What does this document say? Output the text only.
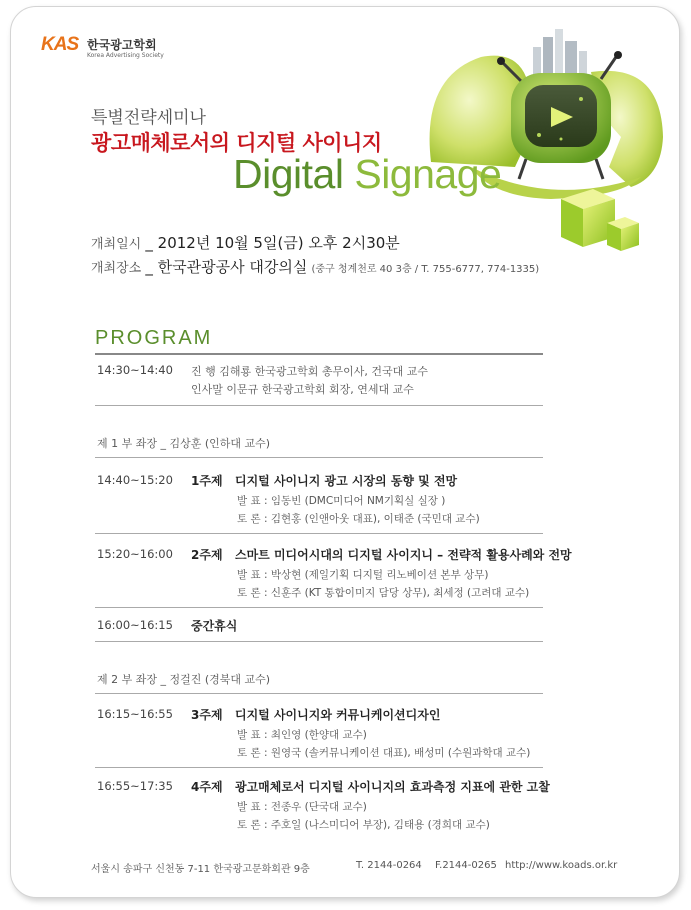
KAS 한국광고학회
Korea Advertising Society
특별전략세미나
광고매체로서의 디지털 사이니지
Digital Signage
개최일시 _ 2012년 10월 5일(금) 오후 2시30분
개최장소 _ 한국관광공사 대강의실 (중구 청계천로 40 3층 / T. 755-6777, 774-1335)
PROGRAM
14:30~14:40 진 행 김해룡 한국광고학회 총무이사, 건국대 교수
인사말 이문규 한국광고학회 회장, 연세대 교수
제 1 부 좌장 _ 김상훈 (인하대 교수)
14:40~15:20 1주제 디지털 사이니지 광고 시장의 동향 및 전망
발 표 : 임동빈 (DMC미디어 NM기획실 실장 )
토 론 : 김현홍 (인앤아웃 대표), 이태준 (국민대 교수)
15:20~16:00 2주제 스마트 미디어시대의 디지털 사이지니 – 전략적 활용사례와 전망
발 표 : 박상현 (제일기획 디지털 리노베이션 본부 상무)
토 론 : 신훈주 (KT 통합이미지 담당 상무), 최세정 (고려대 교수)
16:00~16:15 중간휴식
제 2 부 좌장 _ 정걸진 (경북대 교수)
16:15~16:55 3주제 디지털 사이니지와 커뮤니케이션디자인
발 표 : 최인영 (한양대 교수)
토 론 : 원영국 (솔커뮤니케이션 대표), 배성미 (수원과학대 교수)
16:55~17:35 4주제 광고매체로서 디지털 사이니지의 효과측정 지표에 관한 고찰
발 표 : 전종우 (단국대 교수)
토 론 : 주호일 (나스미디어 부장), 김태용 (경희대 교수)
서울시 송파구 신천동 7-11 한국광고문화회관 9층	T. 2144-0264 F.2144-0265 http://www.koads.or.kr
